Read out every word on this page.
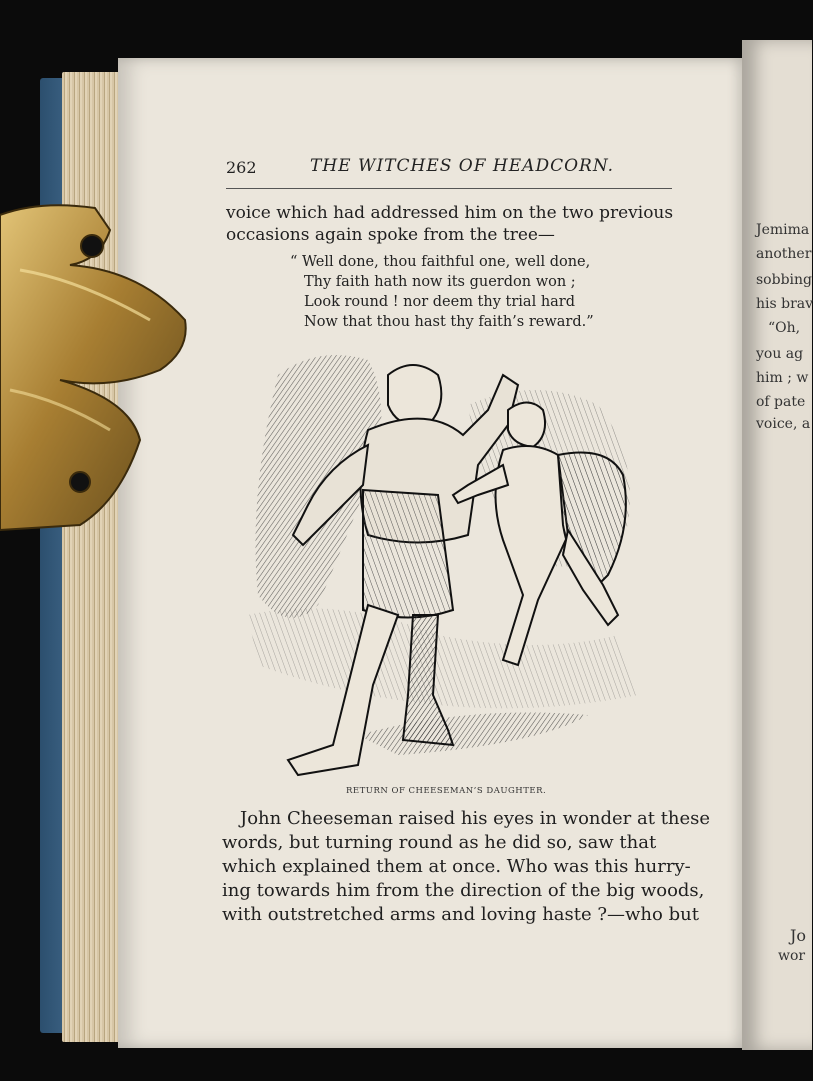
Jemima
another
sobbing
his brav
“Oh,
you ag
him ; w
of pate
voice, a
Jo
wor
262	THE WITCHES OF HEADCORN.
voice which had addressed him on the two previous
occasions again spoke from the tree—
“ Well done, thou faithful one, well done,
Thy faith hath now its guerdon won ;
Look round ! nor deem thy trial hard
Now that thou hast thy faith’s reward.”
RETURN OF CHEESEMAN’S DAUGHTER.
John Cheeseman raised his eyes in wonder at these
words, but turning round as he did so, saw that
which explained them at once. Who was this hurry-
ing towards him from the direction of the big woods,
with outstretched arms and loving haste ?—who but
